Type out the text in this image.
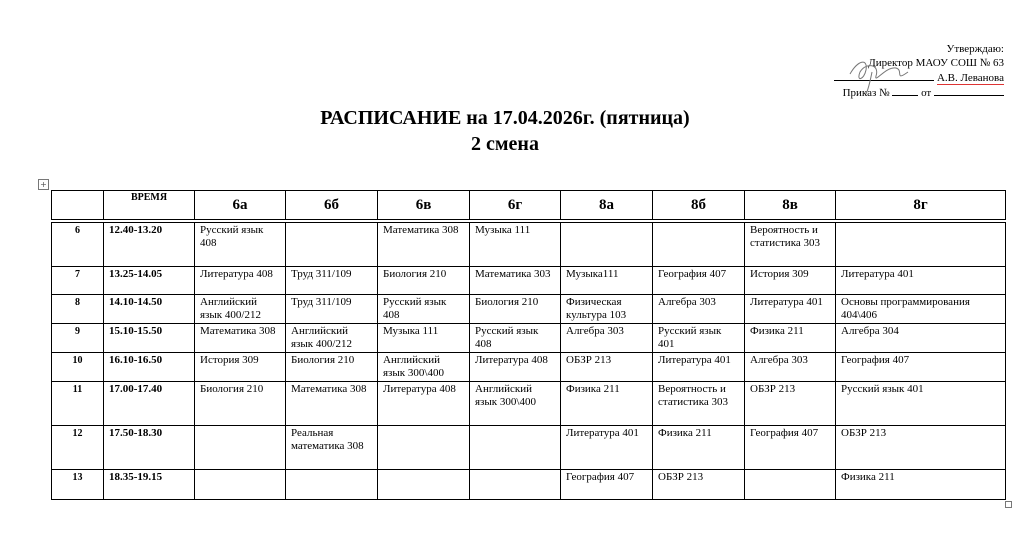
Утверждаю:
Директор МАОУ СОШ № 63
А.В. Леванова
Приказ №	от
РАСПИСАНИЕ на 17.04.2026г. (пятница)
2 смена
+
	ВРЕМЯ	6а	6б	6в	6г	8а	8б	8в	8г

6	12.40-13.20	Русский язык 408		Математика 308	Музыка 111			Вероятность и статистика 303	
7	13.25-14.05	Литература 408	Труд 311/109	Биология 210	Математика 303	Музыка111	География 407	История 309	Литература 401
8	14.10-14.50	Английский язык 400/212	Труд 311/109	Русский язык 408	Биология 210	Физическая культура 103	Алгебра 303	Литература 401	Основы программирования 404\406
9	15.10-15.50	Математика 308	Английский язык 400/212	Музыка 111	Русский язык 408	Алгебра 303	Русский язык 401	Физика 211	Алгебра 304
10	16.10-16.50	История 309	Биология 210	Английский язык 300\400	Литература 408	ОБЗР 213	Литература 401	Алгебра 303	География 407
11	17.00-17.40	Биология 210	Математика 308	Литература 408	Английский язык 300\400	Физика 211	Вероятность и статистика 303	ОБЗР 213	Русский язык 401
12	17.50-18.30		Реальная математика 308			Литература 401	Физика 211	География 407	ОБЗР 213
13	18.35-19.15					География 407	ОБЗР 213		Физика 211
